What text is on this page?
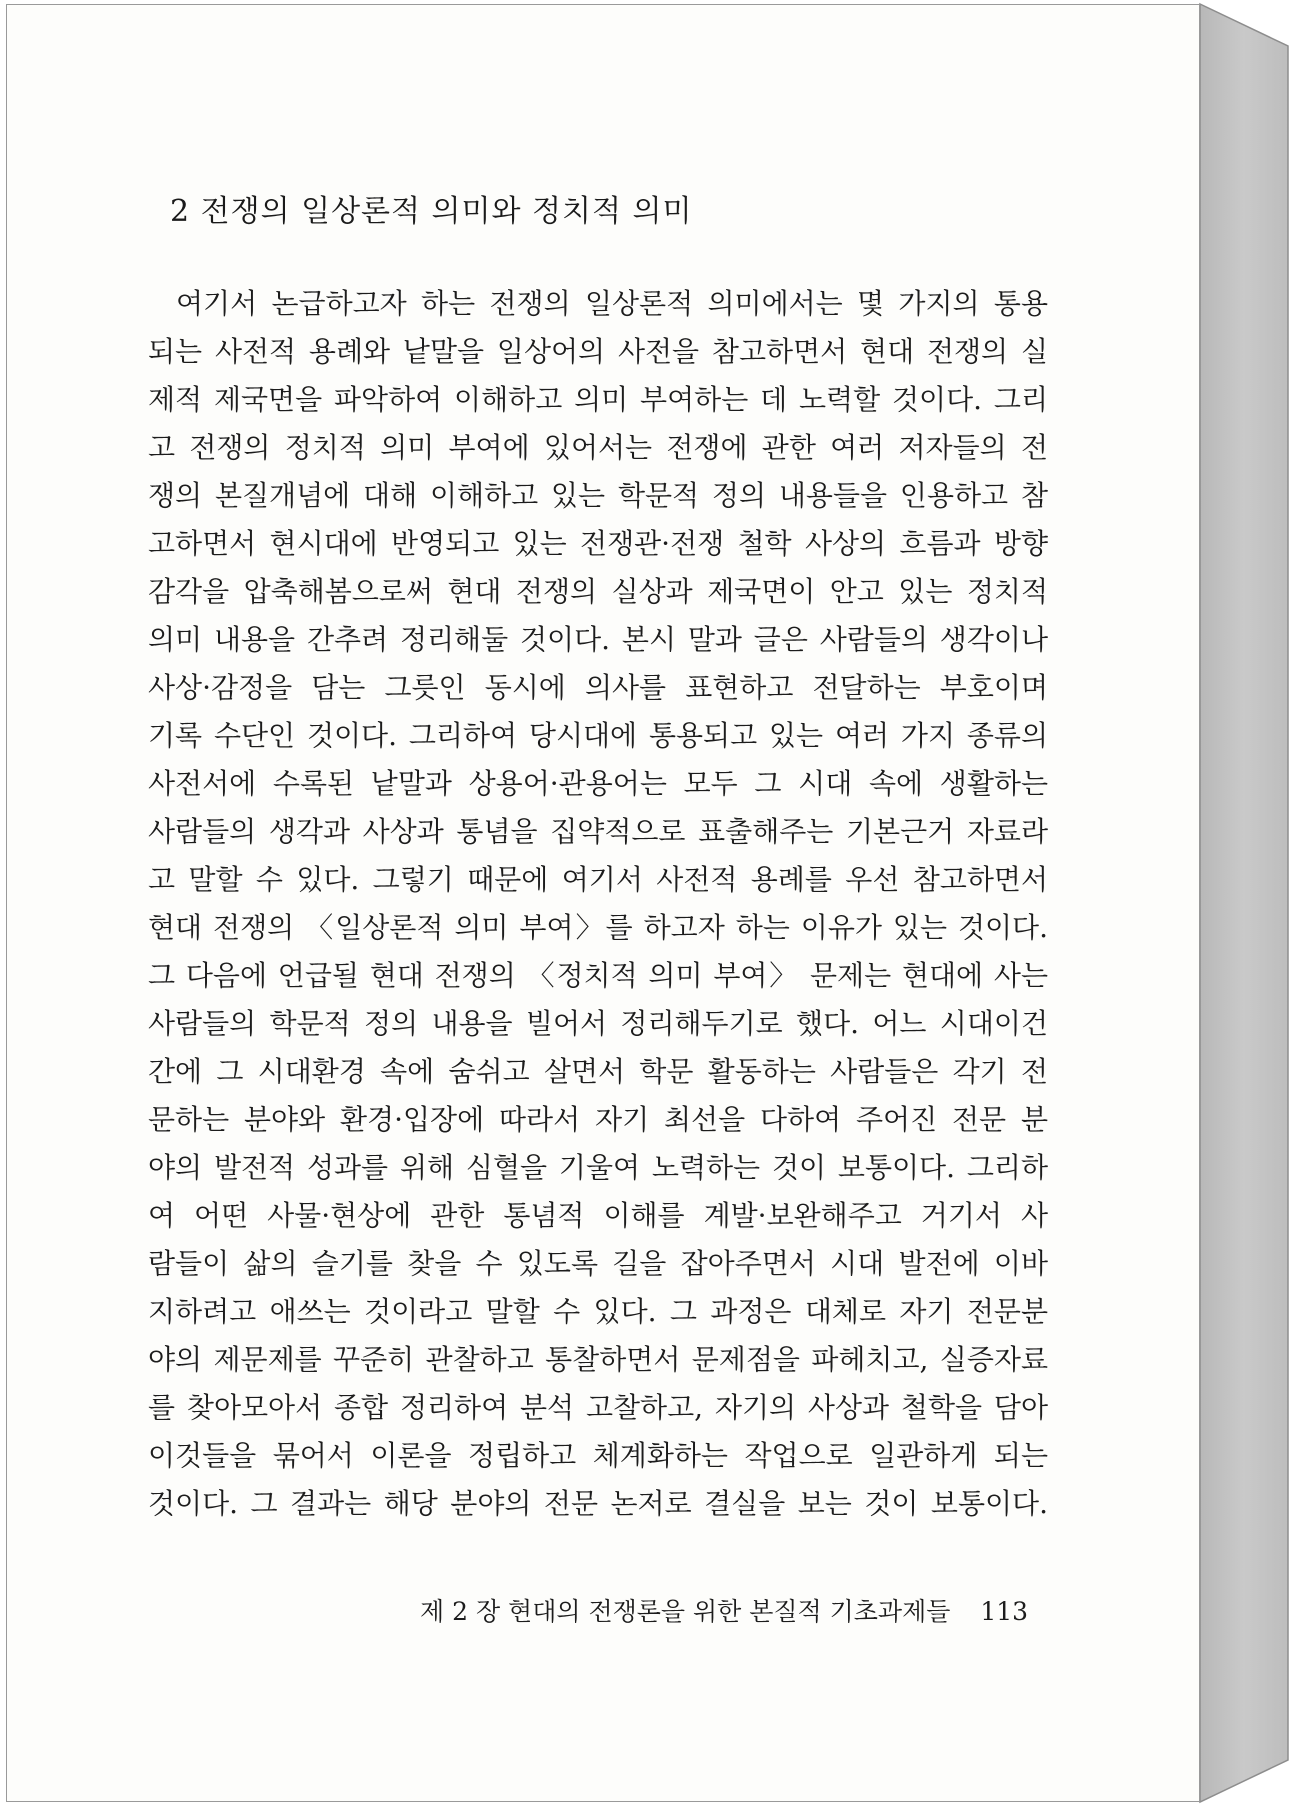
2 전쟁의 일상론적 의미와 정치적 의미
여기서 논급하고자 하는 전쟁의 일상론적 의미에서는 몇 가지의 통용
되는 사전적 용례와 낱말을 일상어의 사전을 참고하면서 현대 전쟁의 실
제적 제국면을 파악하여 이해하고 의미 부여하는 데 노력할 것이다. 그리
고 전쟁의 정치적 의미 부여에 있어서는 전쟁에 관한 여러 저자들의 전
쟁의 본질개념에 대해 이해하고 있는 학문적 정의 내용들을 인용하고 참
고하면서 현시대에 반영되고 있는 전쟁관·전쟁 철학 사상의 흐름과 방향
감각을 압축해봄으로써 현대 전쟁의 실상과 제국면이 안고 있는 정치적
의미 내용을 간추려 정리해둘 것이다. 본시 말과 글은 사람들의 생각이나
사상·감정을 담는 그릇인 동시에 의사를 표현하고 전달하는 부호이며
기록 수단인 것이다. 그리하여 당시대에 통용되고 있는 여러 가지 종류의
사전서에 수록된 낱말과 상용어·관용어는 모두 그 시대 속에 생활하는
사람들의 생각과 사상과 통념을 집약적으로 표출해주는 기본근거 자료라
고 말할 수 있다. 그렇기 때문에 여기서 사전적 용례를 우선 참고하면서
현대 전쟁의 〈일상론적 의미 부여〉를 하고자 하는 이유가 있는 것이다.
그 다음에 언급될 현대 전쟁의 〈정치적 의미 부여〉 문제는 현대에 사는
사람들의 학문적 정의 내용을 빌어서 정리해두기로 했다. 어느 시대이건
간에 그 시대환경 속에 숨쉬고 살면서 학문 활동하는 사람들은 각기 전
문하는 분야와 환경·입장에 따라서 자기 최선을 다하여 주어진 전문 분
야의 발전적 성과를 위해 심혈을 기울여 노력하는 것이 보통이다. 그리하
여 어떤 사물·현상에 관한 통념적 이해를 계발·보완해주고 거기서 사
람들이 삶의 슬기를 찾을 수 있도록 길을 잡아주면서 시대 발전에 이바
지하려고 애쓰는 것이라고 말할 수 있다. 그 과정은 대체로 자기 전문분
야의 제문제를 꾸준히 관찰하고 통찰하면서 문제점을 파헤치고, 실증자료
를 찾아모아서 종합 정리하여 분석 고찰하고, 자기의 사상과 철학을 담아
이것들을 묶어서 이론을 정립하고 체계화하는 작업으로 일관하게 되는
것이다. 그 결과는 해당 분야의 전문 논저로 결실을 보는 것이 보통이다.
제 2 장 현대의 전쟁론을 위한 본질적 기초과제들 113
